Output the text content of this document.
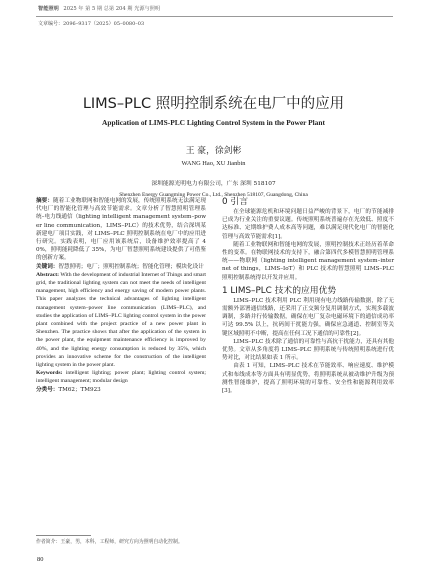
智能照明 2025 年 第 5 期 总第 204 期 光源与照明
文章编号：2096–9317（2025）05–0080–03
LIMS–PLC 照明控制系统在电厂中的应用
Application of LIMS-PLC Lighting Control System in the Power Plant
王 豪，徐剑彬
WANG Hao, XU Jianbin
深圳能源光明电力有限公司，广东 深圳 518107
Shenzhen Energy Guangming Power Co., Ltd., Shenzhen 518107, Guangdong, China

摘要：随着工业物联网和智能电网的发展，传统照明系统无法满足现代电厂的智能化管理与高效节能需求。文章分析了智慧照明管理系统–电力线通信（lighting intelligent management system–power line communication，LIMS–PLC）的技术优势，结合深圳某新建电厂项目实践，对 LIMS–PLC 照明控制系统在电厂中的应用进行研究。实践表明，电厂应用该系统后，设备维护效率提高了 40%，照明能耗降低了 35%，为电厂智慧照明系统建设提供了可借鉴的创新方案。

关键词：智慧照明；电厂；照明控制系统；智能化管理；模块化设计

Abstract: With the development of industrial Internet of Things and smart grid, the traditional lighting system can not meet the needs of intelligent management, high efficiency and energy saving of modern power plants. This paper analyzes the technical advantages of lighting intelligent management system–power line communication (LIMS–PLC), and studies the application of LIMS–PLC lighting control system in the power plant combined with the project practice of a new power plant in Shenzhen. The practice shows that after the application of the system in the power plant, the equipment maintenance efficiency is improved by 40%, and the lighting energy consumption is reduced by 35%, which provides an innovative scheme for the construction of the intelligent lighting system in the power plant.

Keywords: intelligent lighting; power plant; lighting control system; intelligent management; modular design

分类号：TM62；TM923

0 引言

在全球能源危机和环境问题日益严峻的背景下，电厂的节能减排已成为行业关注的重要议题。传统照明系统普遍存在光效低、照度不达标准、定期维护费人成本高等问题，难以满足现代化电厂的智能化管理与高效节能需求[1]。

随着工业物联网和智能电网的发展，照明控制技术正经历着革命性的变革。在物联网技术的支持下，融合第四代多模智慧照明管理系统——物联网（lighting intelligent management system–internet of things，LIMS–IoT）和 PLC 技术的智慧照明 LIMS–PLC 照明控制系统得以开发并应用。

1 LIMS–PLC 技术的应用优势

LIMS–PLC 技术利用 PLC 利用现有电力线路传输数据，除了无需额外部署通信线路，还采用了正交频分复用调制方式，实现多载波调制，多路并行传输数据，确保在电厂复杂电磁环境下的通信成功率可达 99.5% 以上，抗码间干扰能力强，确保应急通道、控制室等关键区域照明不中断，提高在任何工况下通信的可靠性[2]。

LIMS–PLC 技术除了通信的可靠性与高抗干扰能力，还具有其他优势。文章从多角度将 LIMS–PLC 照明系统与传统照明系统进行优势对比，对比结果如表 1 所示。

由表 1 可知，LIMS–PLC 技术在节能效率、响应速度、维护模式和布线成本等方面具有明显优势，将照明系统从被动维护升级为预测性智能维护，提高了照明环境的可靠性、安全性和能源利用效率[3]。

作者简介：王豪，男，本科，工程师，研究方向为照明自动化控制。
80
